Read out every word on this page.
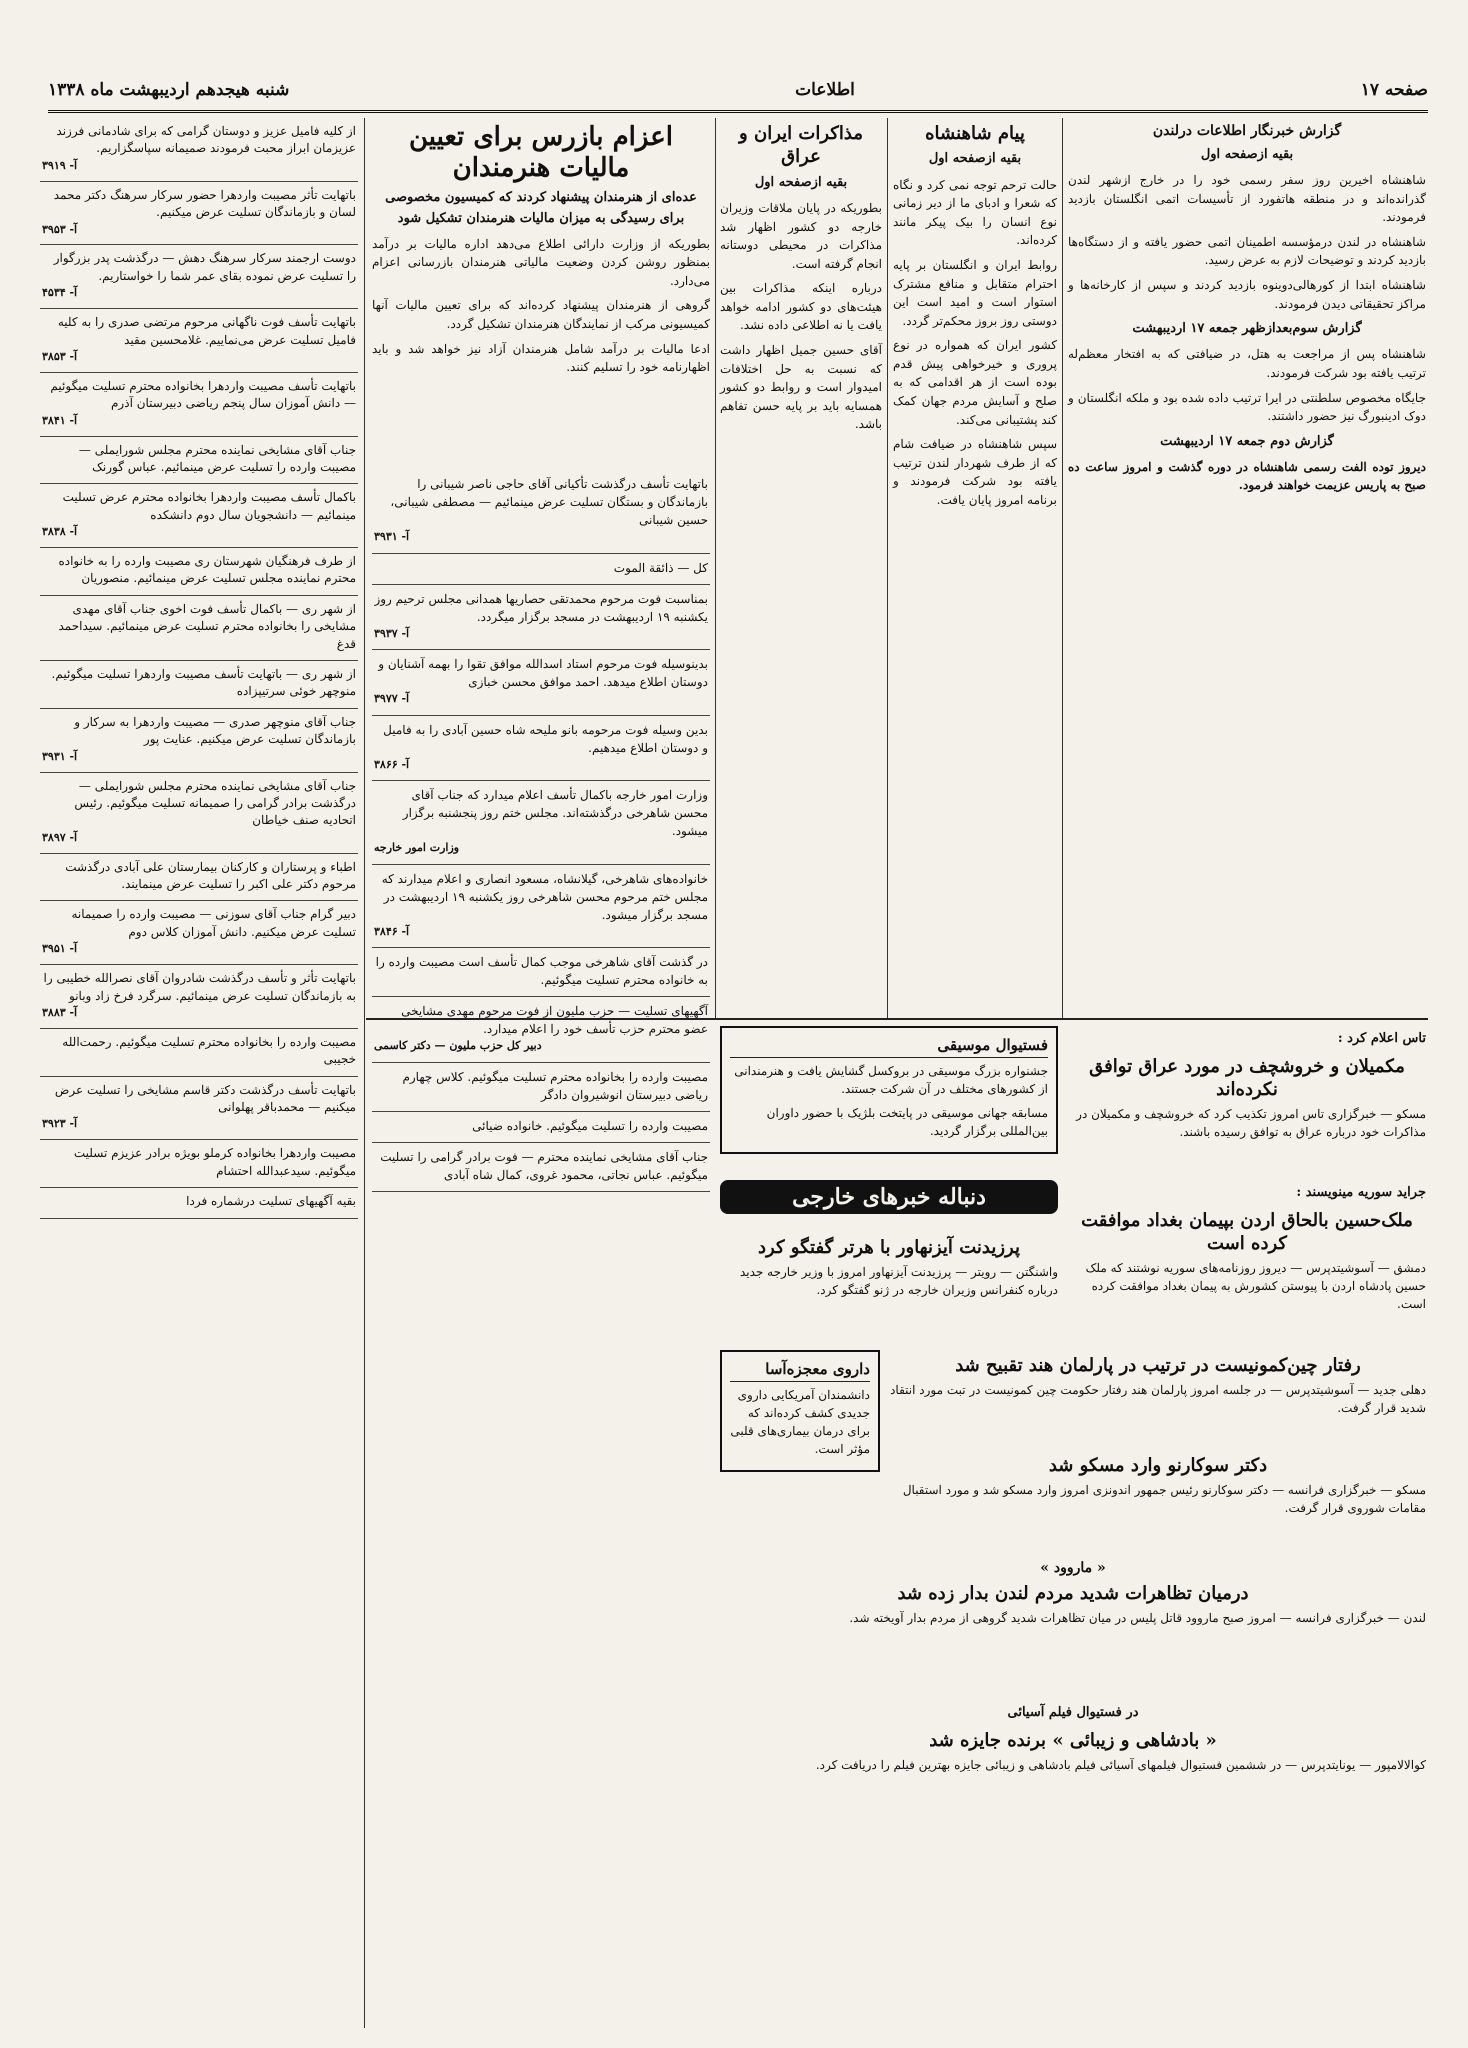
صفحه ۱۷
اطلاعات
شنبه هیجدهم اردیبهشت ماه ۱۳۳۸
گزارش خبرنگار اطلاعات درلندن
بقیه ازصفحه اول

شاهنشاه اخیرین روز سفر رسمی خود را در خارج ازشهر لندن گذرانده‌اند و در منطقه هاتفورد از تأسیسات اتمی انگلستان بازدید فرمودند.

شاهنشاه در لندن درمؤسسه اطمینان اتمی حضور یافته و از دستگاه‌ها بازدید کردند و توضیحات لازم به عرض رسید.

شاهنشاه ابتدا از کورهالی‌دوینوه بازدید کردند و سپس از کارخانه‌ها و مراکز تحقیقاتی دیدن فرمودند.

گزارش سوم‌بعدازظهر جمعه ۱۷ اردیبهشت

شاهنشاه پس از مراجعت به هتل، در ضیافتی که به افتخار معظم‌له ترتیب یافته بود شرکت فرمودند.

جایگاه مخصوص سلطنتی در ایرا ترتیب داده شده بود و ملکه انگلستان و دوک ادینبورگ نیز حضور داشتند.

گزارش دوم جمعه ۱۷ اردیبهشت

دیروز توده الفت رسمی شاهنشاه در دوره گذشت و امروز ساعت ده صبح به پاریس عزیمت خواهند فرمود.

پیام شاهنشاه
بقیه ازصفحه اول

حالت ترحم توجه نمی کرد و نگاه که شعرا و ادبای ما از دیر زمانی نوع انسان را بیک پیکر مانند کرده‌اند.

روابط ایران و انگلستان بر پایه احترام متقابل و منافع مشترک استوار است و امید است این دوستی روز بروز محکم‌تر گردد.

کشور ایران که همواره در نوع پروری و خیرخواهی پیش قدم بوده است از هر اقدامی که به صلح و آسایش مردم جهان کمک کند پشتیبانی می‌کند.

سپس شاهنشاه در ضیافت شام که از طرف شهردار لندن ترتیب یافته بود شرکت فرمودند و برنامه امروز پایان یافت.

مذاکرات ایران و عراق
بقیه ازصفحه اول

بطوریکه در پایان ملاقات وزیران خارجه دو کشور اظهار شد مذاکرات در محیطی دوستانه انجام گرفته است.

درباره اینکه مذاکرات بین هیئت‌های دو کشور ادامه خواهد یافت یا نه اطلاعی داده نشد.

آقای حسین جمیل اظهار داشت که نسبت به حل اختلافات امیدوار است و روابط دو کشور همسایه باید بر پایه حسن تفاهم باشد.

اعزام بازرس برای تعیین مالیات هنرمندان
عده‌ای از هنرمندان پیشنهاد کردند که کمیسیون مخصوصی برای رسیدگی به میزان مالیات هنرمندان تشکیل شود

بطوریکه از وزارت دارائی اطلاع می‌دهد اداره مالیات بر درآمد بمنظور روشن کردن وضعیت مالیاتی هنرمندان بازرسانی اعزام می‌دارد.

گروهی از هنرمندان پیشنهاد کرده‌اند که برای تعیین مالیات آنها کمیسیونی مرکب از نمایندگان هنرمندان تشکیل گردد.

ادعا مالیات بر درآمد شامل هنرمندان آزاد نیز خواهد شد و باید اظهارنامه خود را تسلیم کنند.

باتهایت تأسف درگذشت تأکیانی آقای حاجی ناصر شیبانی را بازماندگان و بستگان تسلیت عرض مینمائیم — مصطفی شیبانی، حسین شیبانی
آ- ۳۹۳۱
کل — ذائقة الموت
بمناسبت فوت مرحوم محمدتقی حصاریها همدانی مجلس ترحیم روز یکشنبه ۱۹ اردیبهشت در مسجد برگزار میگردد.
آ- ۳۹۳۷
بدینوسیله فوت مرحوم استاد اسدالله موافق تقوا را بهمه آشنایان و دوستان اطلاع میدهد. احمد موافق محسن خبازی
آ- ۳۹۷۷
بدین وسیله فوت مرحومه بانو ملیحه شاه حسین آبادی را به فامیل و دوستان اطلاع میدهیم.
آ- ۳۸۶۶
وزارت امور خارجه باکمال تأسف اعلام میدارد که جناب آقای محسن شاهرخی درگذشته‌اند. مجلس ختم روز پنجشنبه برگزار میشود.
وزارت امور خارجه
خانواده‌های شاهرخی، گیلانشاه، مسعود انصاری و اعلام میدارند که مجلس ختم مرحوم محسن شاهرخی روز یکشنبه ۱۹ اردیبهشت در مسجد برگزار میشود.
آ- ۳۸۴۶
در گذشت آقای شاهرخی موجب کمال تأسف است مصیبت وارده را به خانواده محترم تسلیت میگوئیم.
آگهیهای تسلیت — حزب ملیون از فوت مرحوم مهدی مشایخی عضو محترم حزب تأسف خود را اعلام میدارد.
دبیر کل حزب ملیون — دکتر کاسمی
مصیبت وارده را بخانواده محترم تسلیت میگوئیم. کلاس چهارم ریاضی دبیرستان انوشیروان دادگر
مصیبت وارده را تسلیت میگوئیم. خانواده ضیائی
جناب آقای مشایخی نماینده محترم — فوت برادر گرامی را تسلیت میگوئیم. عباس نجاتی، محمود غروی، کمال شاه آبادی
از کلیه فامیل عزیز و دوستان گرامی که برای شادمانی فرزند عزیزمان ابراز محبت فرمودند صمیمانه سپاسگزاریم.
آ- ۳۹۱۹
باتهایت تأثر مصیبت واردهرا حضور سرکار سرهنگ دکتر محمد لسان و بازماندگان تسلیت عرض میکنیم.
آ- ۳۹۵۳
دوست ارجمند سرکار سرهنگ دهش — درگذشت پدر بزرگوار را تسلیت عرض نموده بقای عمر شما را خواستاریم.
آ- ۴۵۳۴
باتهایت تأسف فوت ناگهانی مرحوم مرتضی صدری را به کلیه فامیل تسلیت عرض می‌نماییم. غلامحسین مقید
آ- ۳۸۵۳
باتهایت تأسف مصیبت واردهرا بخانواده محترم تسلیت میگوئیم — دانش آموزان سال پنجم ریاضی دبیرستان آذرم
آ- ۳۸۴۱
جناب آقای مشایخی نماینده محترم مجلس شورایملی — مصیبت وارده را تسلیت عرض مینمائیم. عباس گورنک
باکمال تأسف مصیبت واردهرا بخانواده محترم عرض تسلیت مینمائیم — دانشجویان سال دوم دانشکده
آ- ۳۸۳۸
از طرف فرهنگیان شهرستان ری مصیبت وارده را به خانواده محترم نماینده مجلس تسلیت عرض مینمائیم. منصوریان
از شهر ری — باکمال تأسف فوت اخوی جناب آقای مهدی مشایخی را بخانواده محترم تسلیت عرض مینمائیم. سیداحمد قدغ
از شهر ری — باتهایت تأسف مصیبت واردهرا تسلیت میگوئیم. منوچهر خوئی سرتیپزاده
جناب آقای منوچهر صدری — مصیبت واردهرا به سرکار و بازماندگان تسلیت عرض میکنیم. عنایت پور
آ- ۳۹۳۱
جناب آقای مشایخی نماینده محترم مجلس شورایملی — درگذشت برادر گرامی را صمیمانه تسلیت میگوئیم. رئیس اتحادیه صنف خیاطان
آ- ۳۸۹۷
اطباء و پرستاران و کارکنان بیمارستان علی آبادی درگذشت مرحوم دکتر علی اکبر را تسلیت عرض مینمایند.
دبیر گرام جناب آقای سوزنی — مصیبت وارده را صمیمانه تسلیت عرض میکنیم. دانش آموزان کلاس دوم
آ- ۳۹۵۱
باتهایت تأثر و تأسف درگذشت شادروان آقای نصرالله خطیبی را به بازماندگان تسلیت عرض مینمائیم. سرگرد فرخ زاد وبانو
آ- ۳۸۸۳
مصیبت وارده را بخانواده محترم تسلیت میگوئیم. رحمت‌الله خجیبی
باتهایت تأسف درگذشت دکتر قاسم مشایخی را تسلیت عرض میکنیم — محمدباقر پهلوانی
آ- ۳۹۲۳
مصیبت واردهرا بخانواده کرملو بویژه برادر عزیزم تسلیت میگوئیم. سیدعبدالله احتشام
بقیه آگهیهای تسلیت درشماره فردا
تاس اعلام کرد :
مکمیلان و خروشچف در مورد عراق توافق نکرده‌اند

مسکو — خبرگزاری تاس امروز تکذیب کرد که خروشچف و مکمیلان در مذاکرات خود درباره عراق به توافق رسیده باشند.

فستیوال موسیقی

جشنواره بزرگ موسیقی در بروکسل گشایش یافت و هنرمندانی از کشورهای مختلف در آن شرکت جستند.

مسابقه جهانی موسیقی در پایتخت بلژیک با حضور داوران بین‌المللی برگزار گردید.

دنباله خبرهای خارجی	جراید سوریه مینویسند :
ملک‌حسین بالحاق اردن بپیمان بغداد موافقت کرده است

دمشق — آسوشیتدپرس — دیروز روزنامه‌های سوریه نوشتند که ملک حسین پادشاه اردن با پیوستن کشورش به پیمان بغداد موافقت کرده است.

پرزیدنت آیزنهاور با هرتر گفتگو کرد

واشنگتن — رویتر — پرزیدنت آیزنهاور امروز با وزیر خارجه جدید درباره کنفرانس وزیران خارجه در ژنو گفتگو کرد.

داروی معجزه‌آسا

دانشمندان آمریکایی داروی جدیدی کشف کرده‌اند که برای درمان بیماری‌های قلبی مؤثر است.

رفتار چین‌کمونیست در ترتیب در پارلمان هند تقبیح شد

دهلی جدید — آسوشیتدپرس — در جلسه امروز پارلمان هند رفتار حکومت چین کمونیست در تبت مورد انتقاد شدید قرار گرفت.

دکتر سوکارنو وارد مسکو شد

مسکو — خبرگزاری فرانسه — دکتر سوکارنو رئیس جمهور اندونزی امروز وارد مسکو شد و مورد استقبال مقامات شوروی قرار گرفت.

« ماروود »
درمیان تظاهرات شدید مردم لندن بدار زده شد

لندن — خبرگزاری فرانسه — امروز صبح ماروود قاتل پلیس در میان تظاهرات شدید گروهی از مردم بدار آویخته شد.

در فستیوال فیلم آسیائی
« بادشاهی و زیبائی » برنده جایزه شد

کوالالامپور — یونایتدپرس — در ششمین فستیوال فیلمهای آسیائی فیلم بادشاهی و زیبائی جایزه بهترین فیلم را دریافت کرد.
